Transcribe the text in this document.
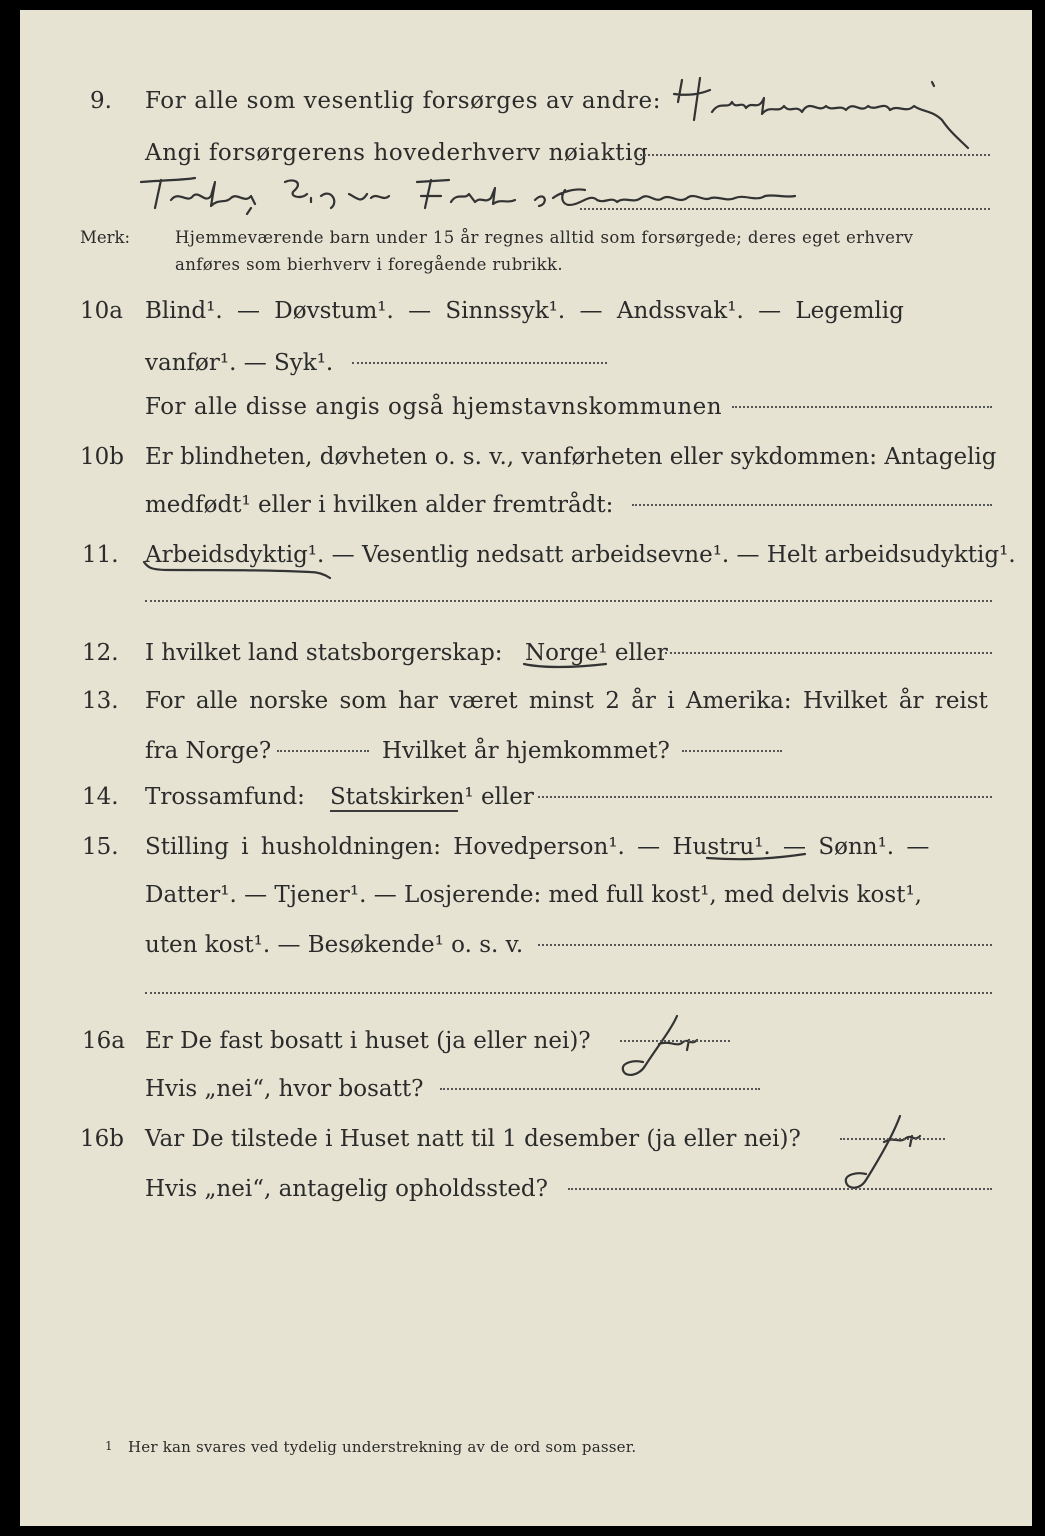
9. For alle som vesentlig forsørges av andre:
Angi forsørgerens hovederhverv nøiaktig
Merk:	Hjemmeværende barn under 15 år regnes alltid som forsørgede; deres eget erhverv
anføres som bierhverv i foregående rubrikk.
10a Blind¹. — Døvstum¹. — Sinnssyk¹. — Andssvak¹. — Legemlig
vanfør¹. — Syk¹.
For alle disse angis også hjemstavnskommunen
10b Er blindheten, døvheten o. s. v., vanførheten eller sykdommen: Antagelig
medfødt¹ eller i hvilken alder fremtrådt:
11. Arbeidsdyktig¹. — Vesentlig nedsatt arbeidsevne¹. — Helt arbeidsudyktig¹.
12. I hvilket land statsborgerskap: Norge¹ eller
13. For alle norske som har været minst 2 år i Amerika: Hvilket år reist
fra Norge?	Hvilket år hjemkommet?
14. Trossamfund: Statskirken¹ eller
15. Stilling i husholdningen: Hovedperson¹. — Hustru¹. — Sønn¹. —
Datter¹. — Tjener¹. — Losjerende: med full kost¹, med delvis kost¹,
uten kost¹. — Besøkende¹ o. s. v.
16a Er De fast bosatt i huset (ja eller nei)?
Hvis „nei“, hvor bosatt?
16b Var De tilstede i Huset natt til 1 desember (ja eller nei)?
Hvis „nei“, antagelig opholdssted?
1 Her kan svares ved tydelig understrekning av de ord som passer.
